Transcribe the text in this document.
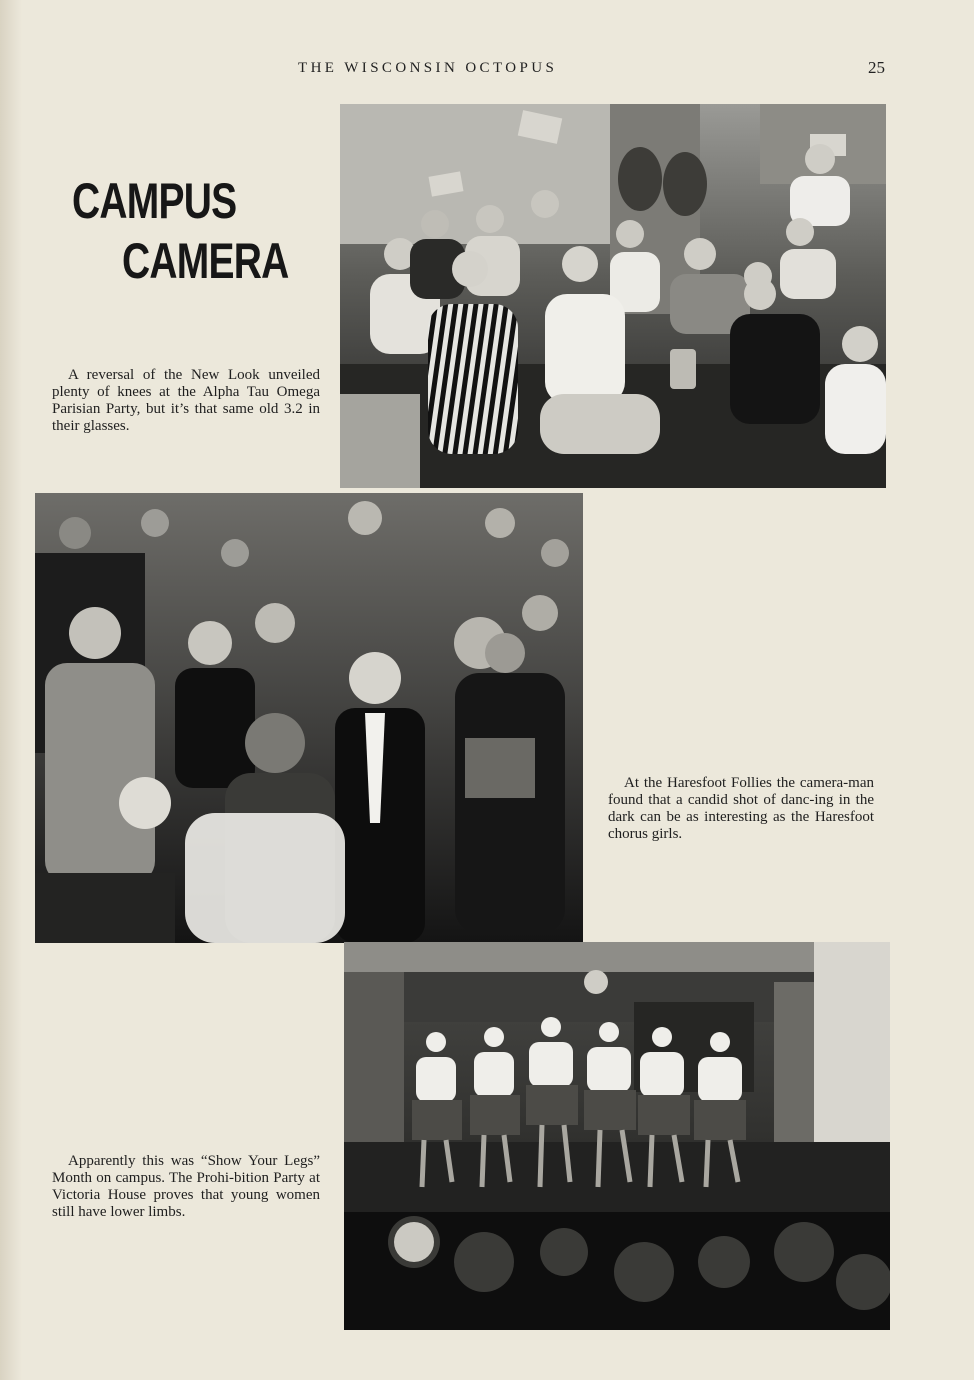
THE WISCONSIN OCTOPUS	25
CAMPUS
CAMERA
A reversal of the New Look unveiled plenty of knees at the Alpha Tau Omega Parisian Party, but it’s that same old 3.2 in their glasses.
At the Haresfoot Follies the camera-man found that a candid shot of danc-ing in the dark can be as interesting as the Haresfoot chorus girls.
Apparently this was “Show Your Legs” Month on campus. The Prohi-bition Party at Victoria House proves that young women still have lower limbs.
